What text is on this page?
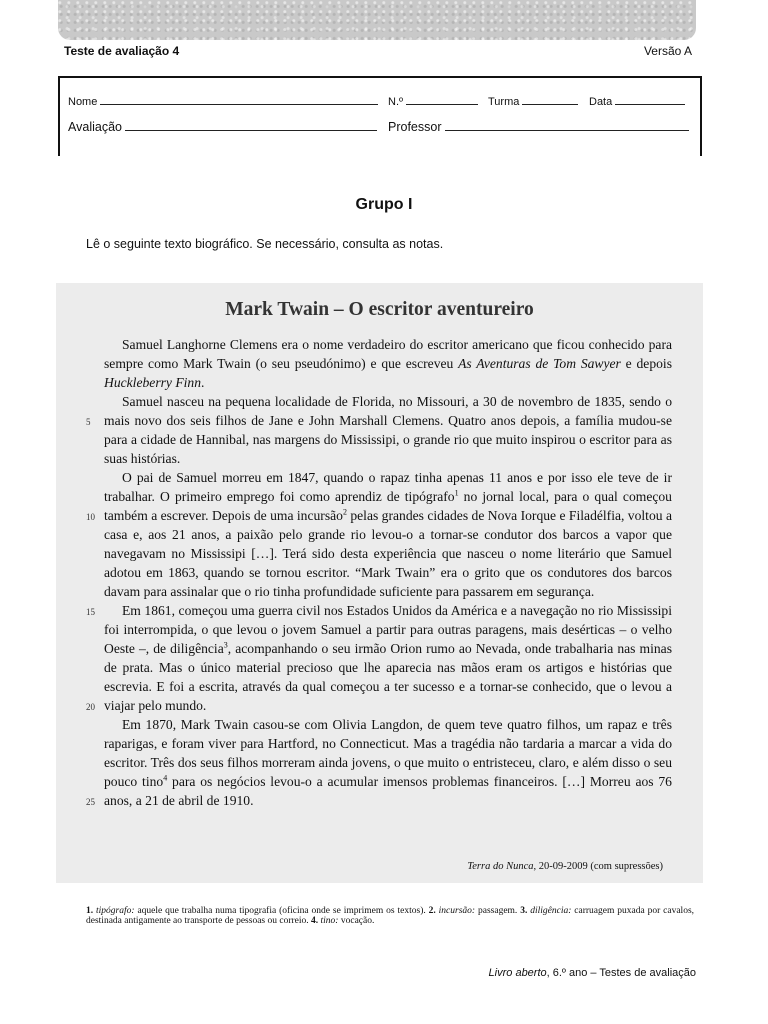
Teste de avaliação 4	Versão A
Nome	N.º	Turma	Data
Avaliação	Professor
Grupo I
Lê o seguinte texto biográfico. Se necessário, consulta as notas.
Mark Twain – O escritor aventureiro
5
10
15
20
25

Samuel Langhorne Clemens era o nome verdadeiro do escritor americano que ficou conhecido para sempre como Mark Twain (o seu pseudónimo) e que escreveu As Aventuras de Tom Sawyer e depois Huckleberry Finn.

Samuel nasceu na pequena localidade de Florida, no Missouri, a 30 de novembro de 1835, sendo o mais novo dos seis filhos de Jane e John Marshall Clemens. Quatro anos depois, a família mudou-se para a cidade de Hannibal, nas margens do Mississipi, o grande rio que muito inspirou o escritor para as suas histórias.

O pai de Samuel morreu em 1847, quando o rapaz tinha apenas 11 anos e por isso ele teve de ir trabalhar. O primeiro emprego foi como aprendiz de tipógrafo$^1$ no jornal local, para o qual começou também a escrever. Depois de uma incursão$^2$ pelas grandes cidades de Nova Iorque e Filadélfia, voltou a casa e, aos 21 anos, a paixão pelo grande rio levou-o a tornar-se condutor dos barcos a vapor que navegavam no Mississipi […]. Terá sido desta experiência que nasceu o nome literário que Samuel adotou em 1863, quando se tornou escritor. “Mark Twain” era o grito que os condutores dos barcos davam para assinalar que o rio tinha profundidade suficiente para passarem em segurança.

Em 1861, começou uma guerra civil nos Estados Unidos da América e a navegação no rio Mississipi foi interrompida, o que levou o jovem Samuel a partir para outras paragens, mais desérticas – o velho Oeste –, de diligência$^3$, acompanhando o seu irmão Orion rumo ao Nevada, onde trabalharia nas minas de prata. Mas o único material precioso que lhe aparecia nas mãos eram os artigos e histórias que escrevia. E foi a escrita, através da qual começou a ter sucesso e a tornar-se conhecido, que o levou a viajar pelo mundo.

Em 1870, Mark Twain casou-se com Olivia Langdon, de quem teve quatro filhos, um rapaz e três raparigas, e foram viver para Hartford, no Connecticut. Mas a tragédia não tardaria a marcar a vida do escritor. Três dos seus filhos morreram ainda jovens, o que muito o entristeceu, claro, e além disso o seu pouco tino$^4$ para os negócios levou-o a acumular imensos problemas financeiros. […] Morreu aos 76 anos, a 21 de abril de 1910.

Terra do Nunca, 20-09-2009 (com supressões)
1. tipógrafo: aquele que trabalha numa tipografia (oficina onde se imprimem os textos). 2. incursão: passagem. 3. diligência: carruagem puxada por cavalos, destinada antigamente ao transporte de pessoas ou correio. 4. tino: vocação.
Livro aberto, 6.º ano – Testes de avaliação
